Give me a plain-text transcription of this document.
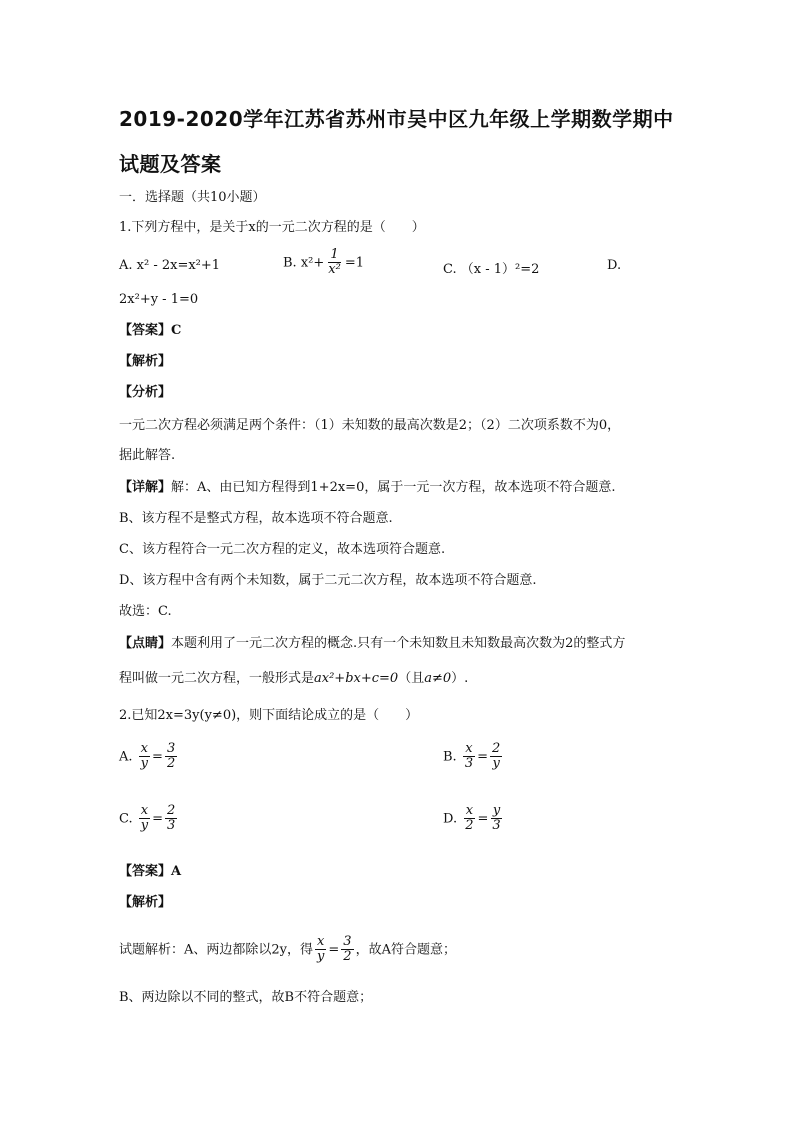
2019-2020学年江苏省苏州市吴中区九年级上学期数学期中
试题及答案
一．选择题（共10小题）
1.下列方程中，是关于x的一元二次方程的是（　　）
A. x² - 2x=x²+1	B. $x^2+ \frac{1}{\text{x²}} =1$	C. （x - 1）²=2	D.
2x²+y - 1=0
【答案】C
【解析】
【分析】
一元二次方程必须满足两个条件：（1）未知数的最高次数是2；（2）二次项系数不为0，
据此解答.
【详解】解：A、由已知方程得到1+2x=0，属于一元一次方程，故本选项不符合题意.
B、该方程不是整式方程，故本选项不符合题意.
C、该方程符合一元二次方程的定义，故本选项符合题意.
D、该方程中含有两个未知数，属于二元二次方程，故本选项不符合题意.
故选：C.
【点睛】本题利用了一元二次方程的概念.只有一个未知数且未知数最高次数为2的整式方
程叫做一元二次方程，一般形式是ax²+bx+c=0（且a≠0）.
2.已知2x=3y(y≠0)，则下面结论成立的是（　　）
A. $\frac{x}{y} = \frac{3}{2}$	B. $\frac{x}{3} = \frac{2}{y}$
C. $\frac{x}{y} = \frac{2}{3}$	D. $\frac{x}{2} = \frac{y}{3}$
【答案】A
【解析】
试题解析：A、两边都除以2y，得 $\frac{x}{y} = \frac{3}{2}$ ，故A符合题意；
B、两边除以不同的整式，故B不符合题意；
